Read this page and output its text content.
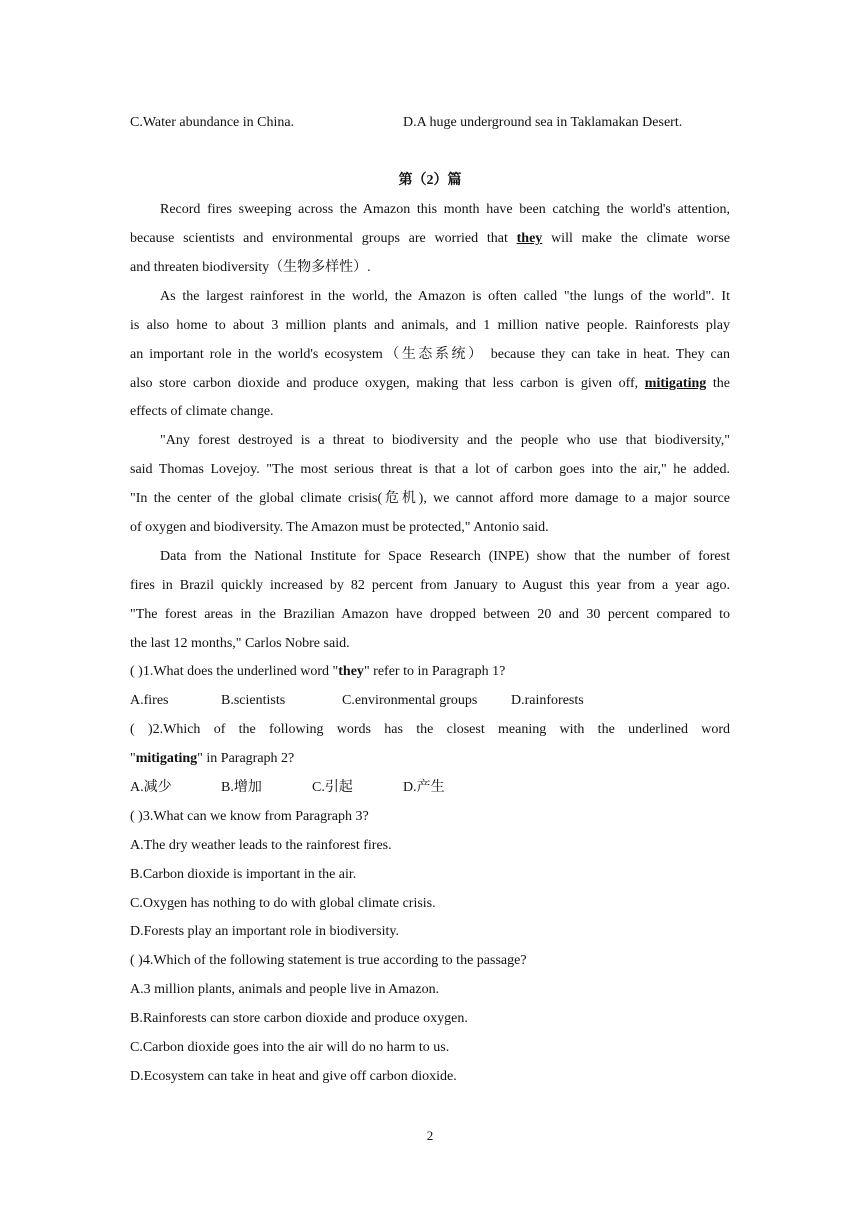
C.Water abundance in China.	D.A huge underground sea in Taklamakan Desert.
第（2）篇
Record fires sweeping across the Amazon this month have been catching the world's attention,
because scientists and environmental groups are worried that they will make the climate worse
and threaten biodiversity（生物多样性）.
As the largest rainforest in the world, the Amazon is often called "the lungs of the world". It
is also home to about 3 million plants and animals, and 1 million native people. Rainforests play
an important role in the world's ecosystem（生态系统） because they can take in heat. They can
also store carbon dioxide and produce oxygen, making that less carbon is given off, mitigating the
effects of climate change.
"Any forest destroyed is a threat to biodiversity and the people who use that biodiversity,"
said Thomas Lovejoy. "The most serious threat is that a lot of carbon goes into the air," he added.
"In the center of the global climate crisis(危机), we cannot afford more damage to a major source
of oxygen and biodiversity. The Amazon must be protected," Antonio said.
Data from the National Institute for Space Research (INPE) show that the number of forest
fires in Brazil quickly increased by 82 percent from January to August this year from a year ago.
"The forest areas in the Brazilian Amazon have dropped between 20 and 30 percent compared to
the last 12 months," Carlos Nobre said.
( )1.What does the underlined word "they" refer to in Paragraph 1?
A.fires	B.scientists	C.environmental groups D.rainforests
( )2.Which of the following words has the closest meaning with the underlined word
"mitigating" in Paragraph 2?
A.减少	B.增加	C.引起	D.产生
( )3.What can we know from Paragraph 3?
A.The dry weather leads to the rainforest fires.
B.Carbon dioxide is important in the air.
C.Oxygen has nothing to do with global climate crisis.
D.Forests play an important role in biodiversity.
( )4.Which of the following statement is true according to the passage?
A.3 million plants, animals and people live in Amazon.
B.Rainforests can store carbon dioxide and produce oxygen.
C.Carbon dioxide goes into the air will do no harm to us.
D.Ecosystem can take in heat and give off carbon dioxide.
2
